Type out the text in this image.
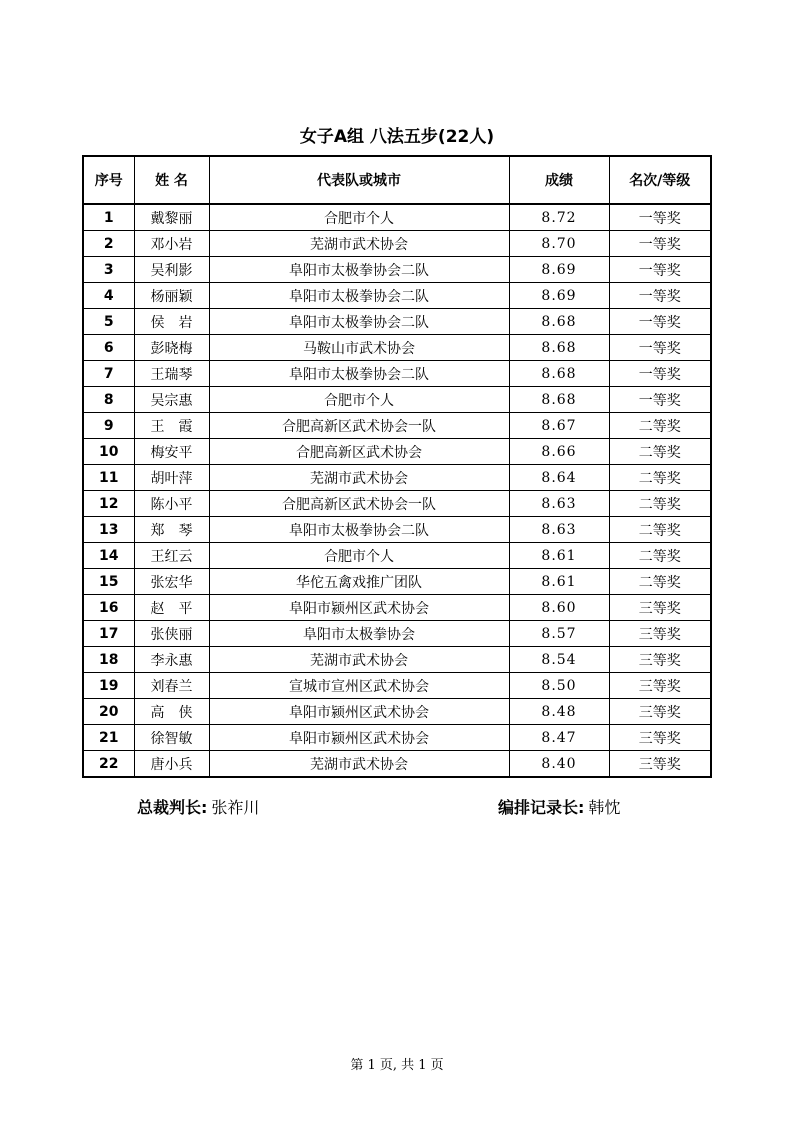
女子A组 八法五步(22人)
序号	姓 名	代表队或城市	成绩	名次/等级
1	戴黎丽	合肥市个人	8.72	一等奖
2	邓小岩	芜湖市武术协会	8.70	一等奖
3	吴利影	阜阳市太极拳协会二队	8.69	一等奖
4	杨丽颖	阜阳市太极拳协会二队	8.69	一等奖
5	侯　岩	阜阳市太极拳协会二队	8.68	一等奖
6	彭晓梅	马鞍山市武术协会	8.68	一等奖
7	王瑞琴	阜阳市太极拳协会二队	8.68	一等奖
8	吴宗惠	合肥市个人	8.68	一等奖
9	王　霞	合肥高新区武术协会一队	8.67	二等奖
10	梅安平	合肥高新区武术协会	8.66	二等奖
11	胡叶萍	芜湖市武术协会	8.64	二等奖
12	陈小平	合肥高新区武术协会一队	8.63	二等奖
13	郑　琴	阜阳市太极拳协会二队	8.63	二等奖
14	王红云	合肥市个人	8.61	二等奖
15	张宏华	华佗五禽戏推广团队	8.61	二等奖
16	赵　平	阜阳市颍州区武术协会	8.60	三等奖
17	张侠丽	阜阳市太极拳协会	8.57	三等奖
18	李永惠	芜湖市武术协会	8.54	三等奖
19	刘春兰	宣城市宣州区武术协会	8.50	三等奖
20	高　侠	阜阳市颍州区武术协会	8.48	三等奖
21	徐智敏	阜阳市颍州区武术协会	8.47	三等奖
22	唐小兵	芜湖市武术协会	8.40	三等奖
总裁判长: 张祚川	编排记录长: 韩忱
第 1 页, 共 1 页
